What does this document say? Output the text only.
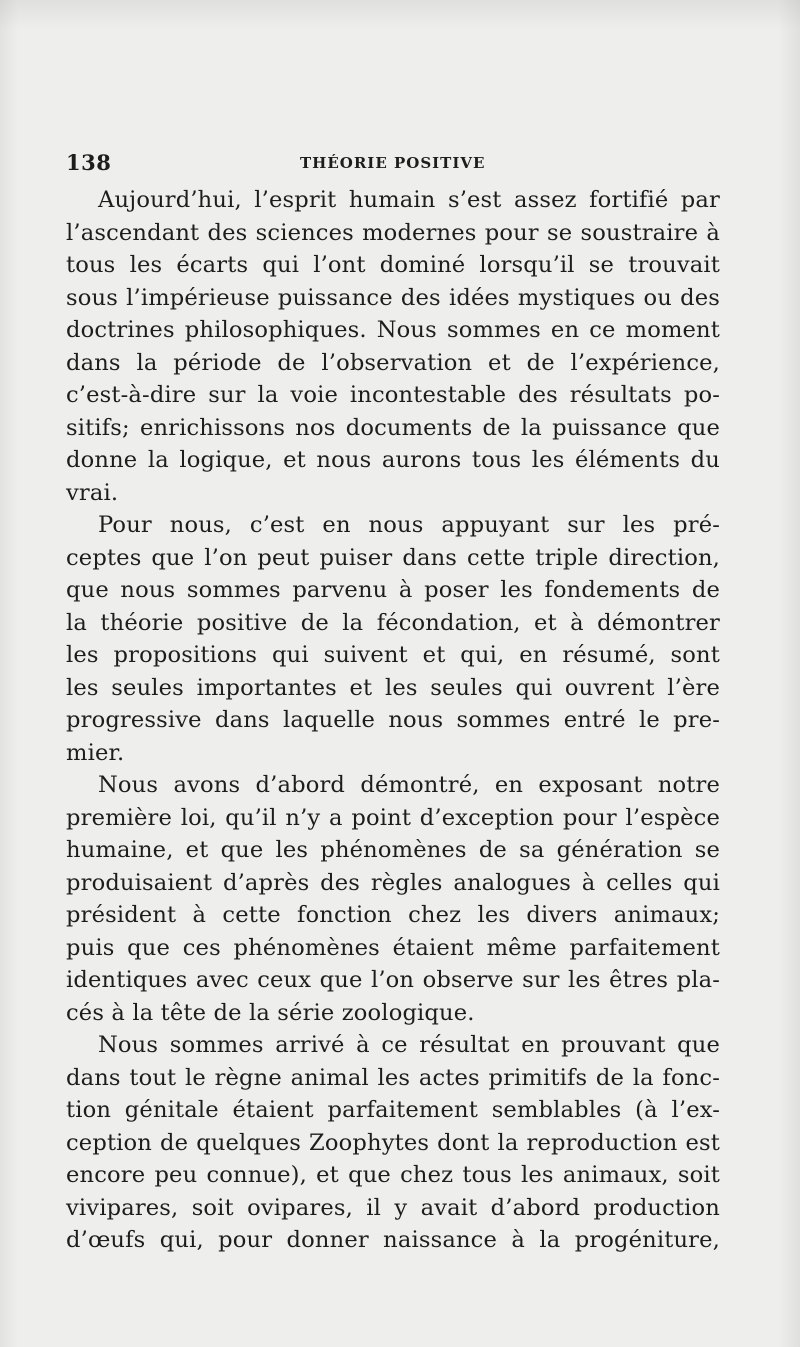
138	THÉORIE POSITIVE
Aujourd’hui, l’esprit humain s’est assez fortifié par
l’ascendant des sciences modernes pour se soustraire à
tous les écarts qui l’ont dominé lorsqu’il se trouvait
sous l’impérieuse puissance des idées mystiques ou des
doctrines philosophiques. Nous sommes en ce moment
dans la période de l’observation et de l’expérience,
c’est-à-dire sur la voie incontestable des résultats po-
sitifs; enrichissons nos documents de la puissance que
donne la logique, et nous aurons tous les éléments du
vrai.
Pour nous, c’est en nous appuyant sur les pré-
ceptes que l’on peut puiser dans cette triple direction,
que nous sommes parvenu à poser les fondements de
la théorie positive de la fécondation, et à démontrer
les propositions qui suivent et qui, en résumé, sont
les seules importantes et les seules qui ouvrent l’ère
progressive dans laquelle nous sommes entré le pre-
mier.
Nous avons d’abord démontré, en exposant notre
première loi, qu’il n’y a point d’exception pour l’espèce
humaine, et que les phénomènes de sa génération se
produisaient d’après des règles analogues à celles qui
président à cette fonction chez les divers animaux;
puis que ces phénomènes étaient même parfaitement
identiques avec ceux que l’on observe sur les êtres pla-
cés à la tête de la série zoologique.
Nous sommes arrivé à ce résultat en prouvant que
dans tout le règne animal les actes primitifs de la fonc-
tion génitale étaient parfaitement semblables (à l’ex-
ception de quelques Zoophytes dont la reproduction est
encore peu connue), et que chez tous les animaux, soit
vivipares, soit ovipares, il y avait d’abord production
d’œufs qui, pour donner naissance à la progéniture,
